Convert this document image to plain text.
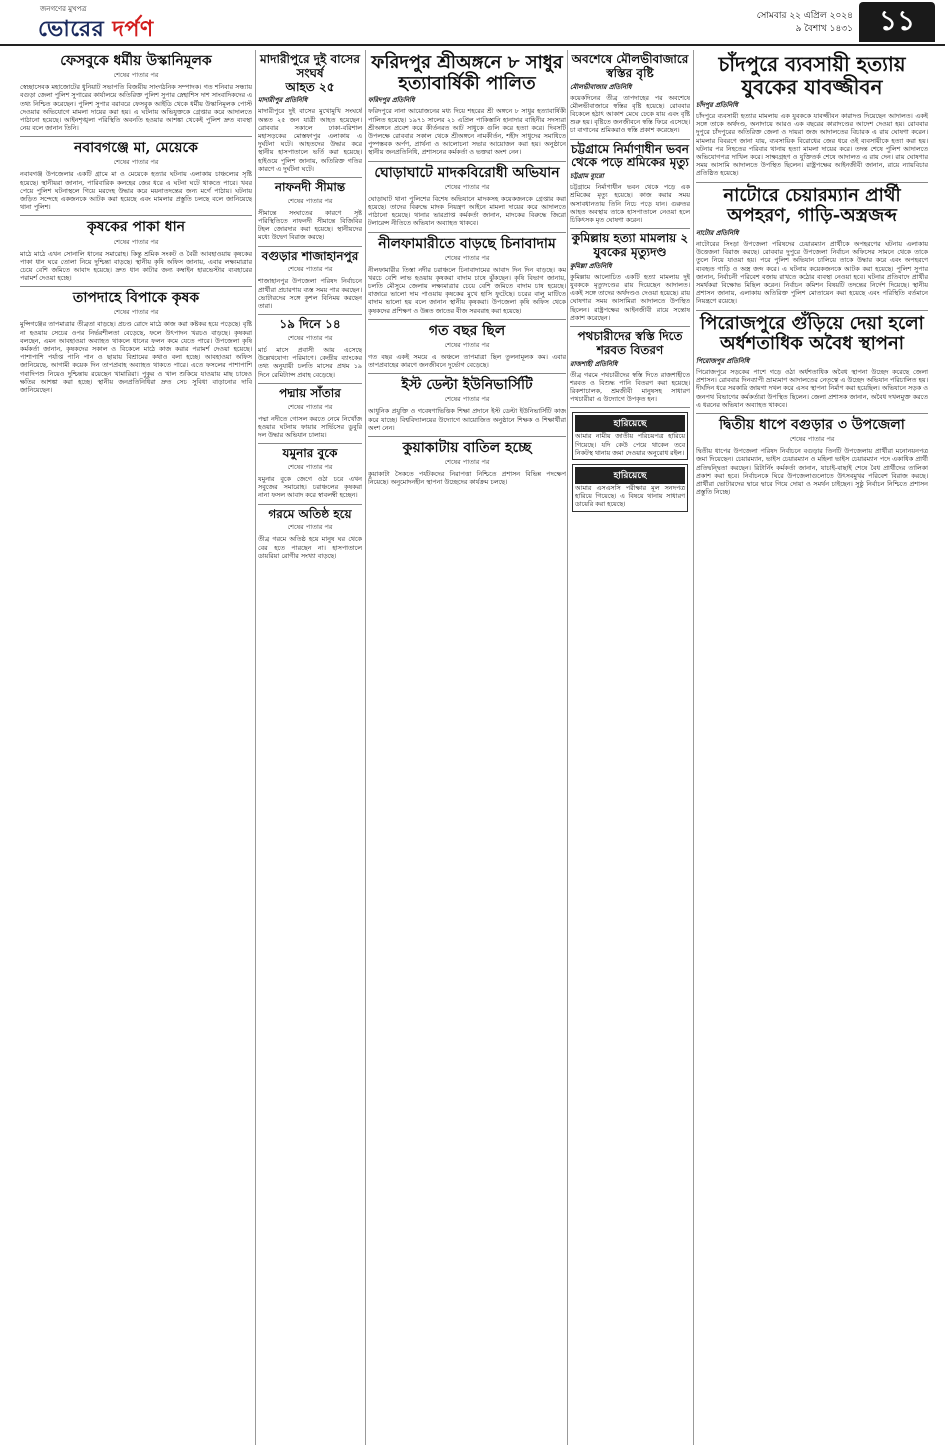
জনগণের মুখপত্র
ভোরের দর্পণ
সোমবার ২২ এপ্রিল ২০২৪
৯ বৈশাখ ১৪৩১ ১১
ফেসবুকে ধর্মীয় উস্কানিমূলক
শেষের পাতার পর
স্বেচ্ছাসেবক মহাজোটের ধুনিয়াট সভাপতি বিজয়ীয় সাংগঠনিক সম্পাদক। গত শনিবার সন্ধ্যায় বগুড়া জেলা পুলিশ সুপারের কার্যালয়ে অতিরিক্ত পুলিশ সুপার স্নেহাশিস দাশ সাংবাদিকদের এ তথ্য নিশ্চিত করেছেন। পুলিশ সুপার বরাবরে ফেসবুক আইডি থেকে ধর্মীয় উস্কানিমূলক পোস্ট দেওয়ার অভিযোগে মামলা দায়ের করা হয়। এ ঘটনায় অভিযুক্তকে গ্রেপ্তার করে আদালতে পাঠানো হয়েছে। আইনশৃঙ্খলা পরিস্থিতি অবনতি হওয়ার আশঙ্কা থেকেই পুলিশ দ্রুত ব্যবস্থা নেয় বলে জানান তিনি।
নবাবগঞ্জে মা, মেয়েকে
শেষের পাতার পর
নবাবগঞ্জ উপজেলার একটি গ্রামে মা ও মেয়েকে হত্যার ঘটনায় এলাকায় চাঞ্চল্যের সৃষ্টি হয়েছে। স্থানীয়রা জানান, পারিবারিক কলহের জের ধরে এ ঘটনা ঘটে থাকতে পারে। খবর পেয়ে পুলিশ ঘটনাস্থলে গিয়ে মরদেহ উদ্ধার করে ময়নাতদন্তের জন্য মর্গে পাঠায়। ঘটনায় জড়িত সন্দেহে একজনকে আটক করা হয়েছে এবং মামলার প্রস্তুতি চলছে বলে জানিয়েছে থানা পুলিশ।
কৃষকের পাকা ধান
শেষের পাতার পর
মাঠে মাঠে এখন সোনালি ধানের সমারোহ। কিন্তু শ্রমিক সংকট ও বৈরী আবহাওয়ায় কৃষকের পাকা ধান ঘরে তোলা নিয়ে দুশ্চিন্তা বাড়ছে। স্থানীয় কৃষি অফিস জানায়, এবার লক্ষ্যমাত্রার চেয়ে বেশি জমিতে আবাদ হয়েছে। দ্রুত ধান কাটার জন্য কম্বাইন হারভেস্টার ব্যবহারের পরামর্শ দেওয়া হচ্ছে।
তাপদাহে বিপাকে কৃষক
শেষের পাতার পর
মুন্সিগঞ্জের তাপমাত্রার তীব্রতা বাড়ছে। প্রচণ্ড রোদে মাঠে কাজ করা কষ্টকর হয়ে পড়েছে। বৃষ্টি না হওয়ায় সেচের ওপর নির্ভরশীলতা বেড়েছে, ফলে উৎপাদন খরচও বাড়ছে। কৃষকরা বলছেন, এমন আবহাওয়া অব্যাহত থাকলে ধানের ফলন কমে যেতে পারে। উপজেলা কৃষি কর্মকর্তা জানান, কৃষকদের সকাল ও বিকেলে মাঠে কাজ করার পরামর্শ দেওয়া হয়েছে। পাশাপাশি পর্যাপ্ত পানি পান ও ছায়ায় বিশ্রামের কথাও বলা হচ্ছে। আবহাওয়া অফিস জানিয়েছে, আগামী কয়েক দিন তাপপ্রবাহ অব্যাহত থাকতে পারে। এতে ফসলের পাশাপাশি গবাদিপশু নিয়েও দুশ্চিন্তায় রয়েছেন খামারিরা। পুকুর ও খাল শুকিয়ে যাওয়ায় মাছ চাষেও ক্ষতির আশঙ্কা করা হচ্ছে। স্থানীয় জনপ্রতিনিধিরা দ্রুত সেচ সুবিধা বাড়ানোর দাবি জানিয়েছেন।
মাদারীপুরে দুই বাসের সংঘর্ষ
আহত ২৫
মাদারীপুর প্রতিনিধি
মাদারীপুরে দুই বাসের মুখোমুখি সংঘর্ষে অন্তত ২৫ জন যাত্রী আহত হয়েছেন। রোববার সকালে ঢাকা-বরিশাল মহাসড়কের মোস্তফাপুর এলাকায় এ দুর্ঘটনা ঘটে। আহতদের উদ্ধার করে স্থানীয় হাসপাতালে ভর্তি করা হয়েছে। হাইওয়ে পুলিশ জানায়, অতিরিক্ত গতির কারণে এ দুর্ঘটনা ঘটে।
নাফনদী সীমান্ত
শেষের পাতার পর
সীমান্তে সংঘাতের কারণে সৃষ্ট পরিস্থিতিতে নাফনদী সীমান্তে বিজিবির টহল জোরদার করা হয়েছে। স্থানীয়দের মধ্যে উদ্বেগ বিরাজ করছে।
বগুড়ার শাজাহানপুর
শেষের পাতার পর
শাজাহানপুর উপজেলা পরিষদ নির্বাচনে প্রার্থীরা প্রচারণায় ব্যস্ত সময় পার করছেন। ভোটারদের সঙ্গে কুশল বিনিময় করছেন তারা।
১৯ দিনে ১৪
শেষের পাতার পর
মার্চ মাসে প্রবাসী আয় এসেছে উল্লেখযোগ্য পরিমাণে। কেন্দ্রীয় ব্যাংকের তথ্য অনুযায়ী চলতি মাসের প্রথম ১৯ দিনে রেমিট্যান্স প্রবাহ বেড়েছে।
পদ্মায় সাঁতার
শেষের পাতার পর
পদ্মা নদীতে গোসল করতে নেমে নিখোঁজ হওয়ার ঘটনায় ফায়ার সার্ভিসের ডুবুরি দল উদ্ধার অভিযান চালায়।
যমুনার বুকে
শেষের পাতার পর
যমুনার বুকে জেগে ওঠা চরে এখন সবুজের সমারোহ। চরাঞ্চলের কৃষকরা নানা ফসল আবাদ করে স্বাবলম্বী হচ্ছেন।
গরমে অতিষ্ঠ হয়ে
শেষের পাতার পর
তীব্র গরমে অতিষ্ঠ হয়ে মানুষ ঘর থেকে বের হতে পারছেন না। হাসপাতালে ডায়রিয়া রোগীর সংখ্যা বাড়ছে।
ফরিদপুর শ্রীঅঙ্গনে ৮ সাধুর হত্যাবার্ষিকী পালিত
ফরিদপুর প্রতিনিধি
ফরিদপুরে নানা আয়োজনের মধ্য দিয়ে শহরের শ্রী অঙ্গনে ৮ সাধুর হত্যাবার্ষিকী পালিত হয়েছে। ১৯৭১ সালের ২১ এপ্রিল পাকিস্তানি হানাদার বাহিনীর সদস্যরা শ্রীঅঙ্গনে প্রবেশ করে কীর্তনরত আট সাধুকে গুলি করে হত্যা করে। দিবসটি উপলক্ষে রোববার সকাল থেকে শ্রীঅঙ্গনে নামকীর্তন, শহীদ সাধুদের সমাধিতে পুষ্পস্তবক অর্পণ, প্রার্থনা ও আলোচনা সভার আয়োজন করা হয়। অনুষ্ঠানে স্থানীয় জনপ্রতিনিধি, প্রশাসনের কর্মকর্তা ও ভক্তরা অংশ নেন।
ঘোড়াঘাটে মাদকবিরোধী অভিযান
শেষের পাতার পর
ঘোড়াঘাট থানা পুলিশের বিশেষ অভিযানে মাদকসহ কয়েকজনকে গ্রেপ্তার করা হয়েছে। তাদের বিরুদ্ধে মাদক নিয়ন্ত্রণ আইনে মামলা দায়ের করে আদালতে পাঠানো হয়েছে। থানার ভারপ্রাপ্ত কর্মকর্তা জানান, মাদকের বিরুদ্ধে জিরো টলারেন্স নীতিতে অভিযান অব্যাহত থাকবে।
নীলফামারীতে বাড়ছে চিনাবাদাম
শেষের পাতার পর
নীলফামারীর তিস্তা নদীর চরাঞ্চলে চিনাবাদামের আবাদ দিন দিন বাড়ছে। কম খরচে বেশি লাভ হওয়ায় কৃষকরা বাদাম চাষে ঝুঁকছেন। কৃষি বিভাগ জানায়, চলতি মৌসুমে জেলায় লক্ষ্যমাত্রার চেয়ে বেশি জমিতে বাদাম চাষ হয়েছে। বাজারে ভালো দাম পাওয়ায় কৃষকের মুখে হাসি ফুটেছে। চরের বালু মাটিতে বাদাম ভালো হয় বলে জানান স্থানীয় কৃষকরা। উপজেলা কৃষি অফিস থেকে কৃষকদের প্রশিক্ষণ ও উন্নত জাতের বীজ সরবরাহ করা হয়েছে।
গত বছর ছিল
শেষের পাতার পর
গত বছর একই সময়ে এ অঞ্চলে তাপমাত্রা ছিল তুলনামূলক কম। এবার তাপপ্রবাহের কারণে জনজীবনে দুর্ভোগ বেড়েছে।
ইস্ট ডেল্টা ইউনিভার্সিটি
শেষের পাতার পর
আধুনিক প্রযুক্তি ও গবেষণাভিত্তিক শিক্ষা প্রদানে ইস্ট ডেল্টা ইউনিভার্সিটি কাজ করে যাচ্ছে। বিশ্ববিদ্যালয়ের উদ্যোগে আয়োজিত অনুষ্ঠানে শিক্ষক ও শিক্ষার্থীরা অংশ নেন।
কুয়াকাটায় বাতিল হচ্ছে
শেষের পাতার পর
কুয়াকাটা সৈকতে পর্যটকদের নিরাপত্তা নিশ্চিতে প্রশাসন বিভিন্ন পদক্ষেপ নিয়েছে। অনুমোদনহীন স্থাপনা উচ্ছেদের কার্যক্রম চলছে।
অবশেষে মৌলভীবাজারে স্বস্তির বৃষ্টি
মৌলভীবাজার প্রতিনিধি
কয়েকদিনের তীব্র তাপদাহের পর অবশেষে মৌলভীবাজারে স্বস্তির বৃষ্টি হয়েছে। রোববার বিকেলে হঠাৎ আকাশ মেঘে ঢেকে যায় এবং বৃষ্টি শুরু হয়। বৃষ্টিতে জনজীবনে স্বস্তি ফিরে এসেছে। চা বাগানের শ্রমিকরাও স্বস্তি প্রকাশ করেছেন।
চট্টগ্রামে নির্মাণাধীন ভবন থেকে পড়ে শ্রমিকের মৃত্যু
চট্টগ্রাম ব্যুরো
চট্টগ্রামে নির্মাণাধীন ভবন থেকে পড়ে এক শ্রমিকের মৃত্যু হয়েছে। কাজ করার সময় অসাবধানতায় তিনি নিচে পড়ে যান। গুরুতর আহত অবস্থায় তাকে হাসপাতালে নেওয়া হলে চিকিৎসক মৃত ঘোষণা করেন।
কুমিল্লায় হত্যা মামলায় ২ যুবকের মৃত্যুদণ্ড
কুমিল্লা প্রতিনিধি
কুমিল্লায় আলোচিত একটি হত্যা মামলায় দুই যুবককে মৃত্যুদণ্ডের রায় দিয়েছেন আদালত। একই সঙ্গে তাদের অর্থদণ্ডও দেওয়া হয়েছে। রায় ঘোষণার সময় আসামিরা আদালতে উপস্থিত ছিলেন। রাষ্ট্রপক্ষের আইনজীবী রায়ে সন্তোষ প্রকাশ করেছেন।
পথচারীদের স্বস্তি দিতে শরবত বিতরণ
রাজশাহী প্রতিনিধি
তীব্র গরমে পথচারীদের স্বস্তি দিতে রাজশাহীতে শরবত ও বিশুদ্ধ পানি বিতরণ করা হয়েছে। রিকশাচালক, শ্রমজীবী মানুষসহ সাধারণ পথচারীরা এ উদ্যোগে উপকৃত হন।
হারিয়েছে
আমার নামীয় জাতীয় পরিচয়পত্র হারিয়ে গিয়েছে। যদি কেউ পেয়ে থাকেন তবে নিকটস্থ থানায় জমা দেওয়ার অনুরোধ রইল।
হারিয়েছে
আমার এসএসসি পরীক্ষার মূল সনদপত্র হারিয়ে গিয়েছে। এ বিষয়ে থানায় সাধারণ ডায়েরি করা হয়েছে।
চাঁদপুরে ব্যবসায়ী হত্যায় যুবকের যাবজ্জীবন
চাঁদপুর প্রতিনিধি
চাঁদপুরে ব্যবসায়ী হত্যার মামলায় এক যুবককে যাবজ্জীবন কারাদণ্ড দিয়েছেন আদালত। একই সঙ্গে তাকে অর্থদণ্ড, অনাদায়ে আরও এক বছরের কারাদণ্ডের আদেশ দেওয়া হয়। রোববার দুপুরে চাঁদপুরের অতিরিক্ত জেলা ও দায়রা জজ আদালতের বিচারক এ রায় ঘোষণা করেন। মামলার বিবরণে জানা যায়, ব্যবসায়িক বিরোধের জের ধরে ওই ব্যবসায়ীকে হত্যা করা হয়। ঘটনার পর নিহতের পরিবার থানায় হত্যা মামলা দায়ের করে। তদন্ত শেষে পুলিশ আদালতে অভিযোগপত্র দাখিল করে। সাক্ষ্যগ্রহণ ও যুক্তিতর্ক শেষে আদালত এ রায় দেন। রায় ঘোষণার সময় আসামি আদালতে উপস্থিত ছিলেন। রাষ্ট্রপক্ষের আইনজীবী জানান, রায়ে ন্যায়বিচার প্রতিষ্ঠিত হয়েছে।
নাটোরে চেয়ারম্যান প্রার্থী অপহরণ, গাড়ি-অস্ত্রজব্দ
নাটোর প্রতিনিধি
নাটোরের সিংড়া উপজেলা পরিষদের চেয়ারম্যান প্রার্থীকে অপহরণের ঘটনায় এলাকায় উত্তেজনা বিরাজ করছে। রোববার দুপুরে উপজেলা নির্বাচন অফিসের সামনে থেকে তাকে তুলে নিয়ে যাওয়া হয়। পরে পুলিশ অভিযান চালিয়ে তাকে উদ্ধার করে এবং অপহরণে ব্যবহৃত গাড়ি ও অস্ত্র জব্দ করে। এ ঘটনায় কয়েকজনকে আটক করা হয়েছে। পুলিশ সুপার জানান, নির্বাচনী পরিবেশ বজায় রাখতে কঠোর ব্যবস্থা নেওয়া হবে। ঘটনার প্রতিবাদে প্রার্থীর সমর্থকরা বিক্ষোভ মিছিল করেন। নির্বাচন কমিশন বিষয়টি তদন্তের নির্দেশ দিয়েছে। স্থানীয় প্রশাসন জানায়, এলাকায় অতিরিক্ত পুলিশ মোতায়েন করা হয়েছে এবং পরিস্থিতি বর্তমানে নিয়ন্ত্রণে রয়েছে।
পিরোজপুরে গুঁড়িয়ে দেয়া হলো অর্ধশতাধিক অবৈধ স্থাপনা
পিরোজপুর প্রতিনিধি
পিরোজপুরে সড়কের পাশে গড়ে ওঠা অর্ধশতাধিক অবৈধ স্থাপনা উচ্ছেদ করেছে জেলা প্রশাসন। রোববার দিনব্যাপী ভ্রাম্যমাণ আদালতের নেতৃত্বে এ উচ্ছেদ অভিযান পরিচালিত হয়। দীর্ঘদিন ধরে সরকারি জায়গা দখল করে এসব স্থাপনা নির্মাণ করা হয়েছিল। অভিযানে সড়ক ও জনপথ বিভাগের কর্মকর্তারা উপস্থিত ছিলেন। জেলা প্রশাসক জানান, অবৈধ দখলমুক্ত করতে এ ধরনের অভিযান অব্যাহত থাকবে।
দ্বিতীয় ধাপে বগুড়ার ৩ উপজেলা
শেষের পাতার পর
দ্বিতীয় ধাপের উপজেলা পরিষদ নির্বাচনে বগুড়ার তিনটি উপজেলায় প্রার্থীরা মনোনয়নপত্র জমা দিয়েছেন। চেয়ারম্যান, ভাইস চেয়ারম্যান ও মহিলা ভাইস চেয়ারম্যান পদে একাধিক প্রার্থী প্রতিদ্বন্দ্বিতা করছেন। রিটার্নিং কর্মকর্তা জানান, যাচাই-বাছাই শেষে বৈধ প্রার্থীদের তালিকা প্রকাশ করা হবে। নির্বাচনকে ঘিরে উপজেলাগুলোতে উৎসবমুখর পরিবেশ বিরাজ করছে। প্রার্থীরা ভোটারদের দ্বারে দ্বারে গিয়ে দোয়া ও সমর্থন চাইছেন। সুষ্ঠু নির্বাচন নিশ্চিতে প্রশাসন প্রস্তুতি নিচ্ছে।
